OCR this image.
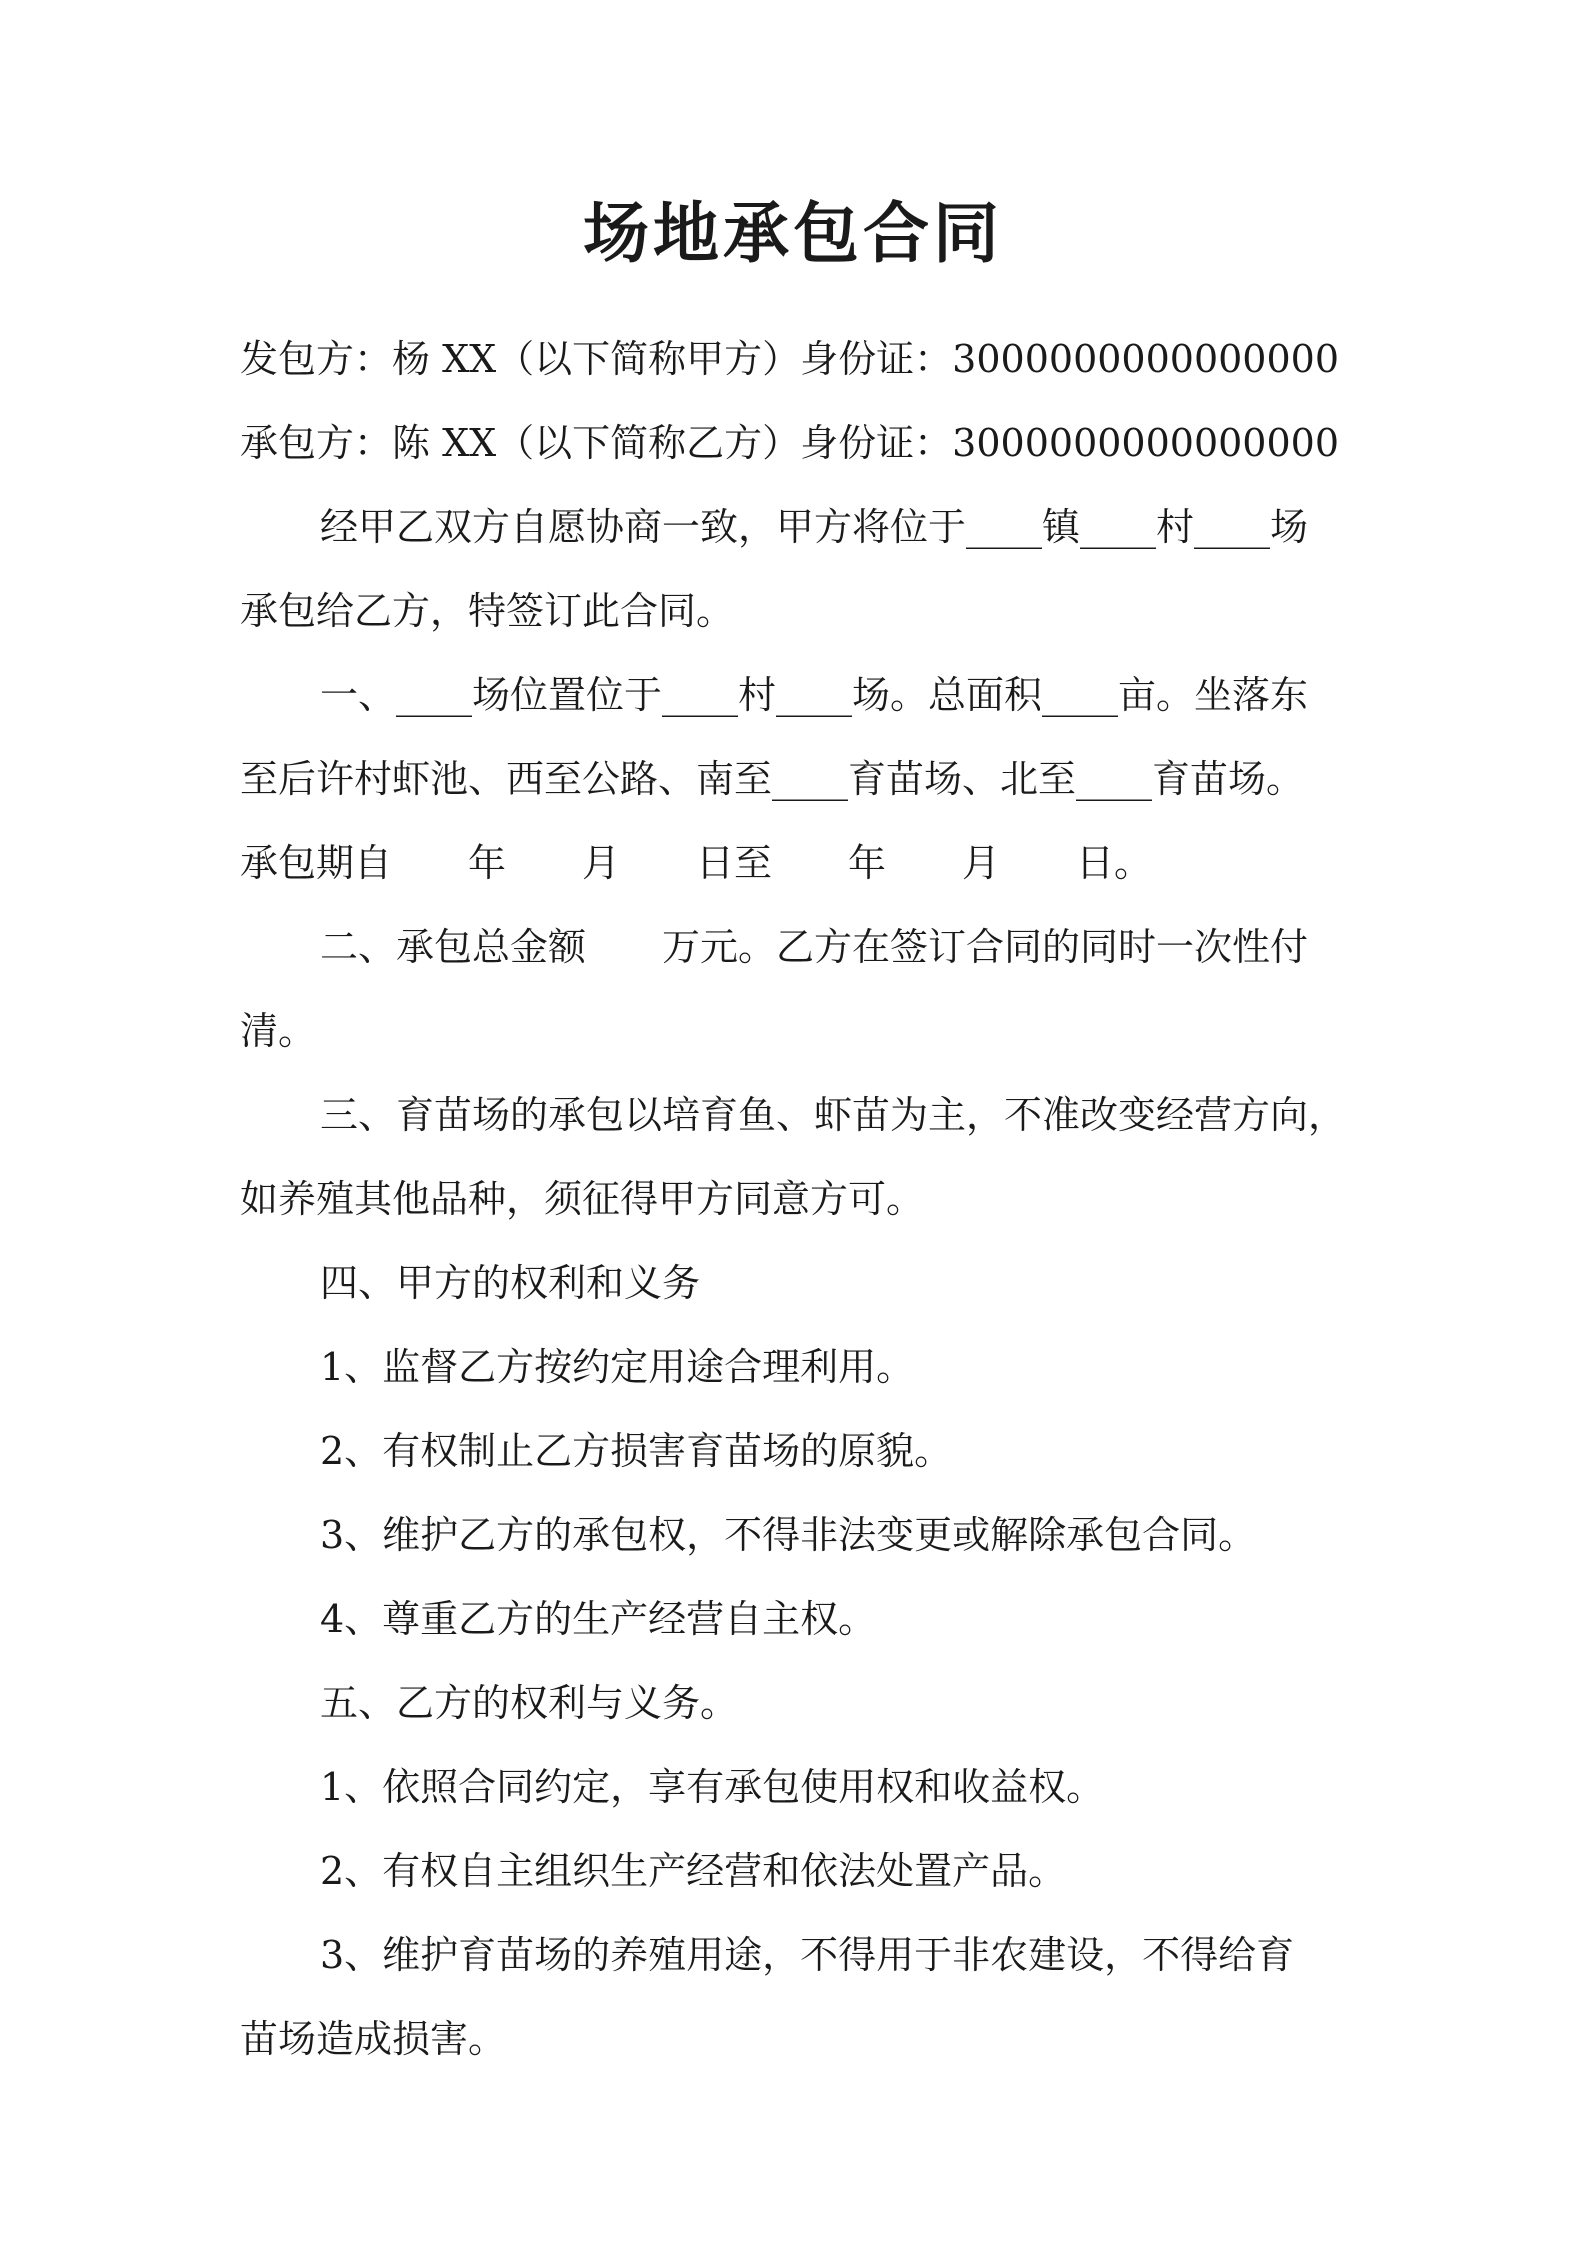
场地承包合同

发包方：杨 XX（以下简称甲方）身份证：3000000000000000

承包方：陈 XX（以下简称乙方）身份证：3000000000000000

经甲乙双方自愿协商一致，甲方将位于____镇____村____场

承包给乙方，特签订此合同。

一、____场位置位于____村____场。总面积____亩。坐落东

至后许村虾池、西至公路、南至____育苗场、北至____育苗场。

承包期自　　年　　月　　日至　　年　　月　　日。

二、承包总金额　　万元。乙方在签订合同的同时一次性付

清。

三、育苗场的承包以培育鱼、虾苗为主，不准改变经营方向，

如养殖其他品种，须征得甲方同意方可。

四、甲方的权利和义务

1、监督乙方按约定用途合理利用。

2、有权制止乙方损害育苗场的原貌。

3、维护乙方的承包权，不得非法变更或解除承包合同。

4、尊重乙方的生产经营自主权。

五、乙方的权利与义务。

1、依照合同约定，享有承包使用权和收益权。

2、有权自主组织生产经营和依法处置产品。

3、维护育苗场的养殖用途，不得用于非农建设，不得给育

苗场造成损害。
